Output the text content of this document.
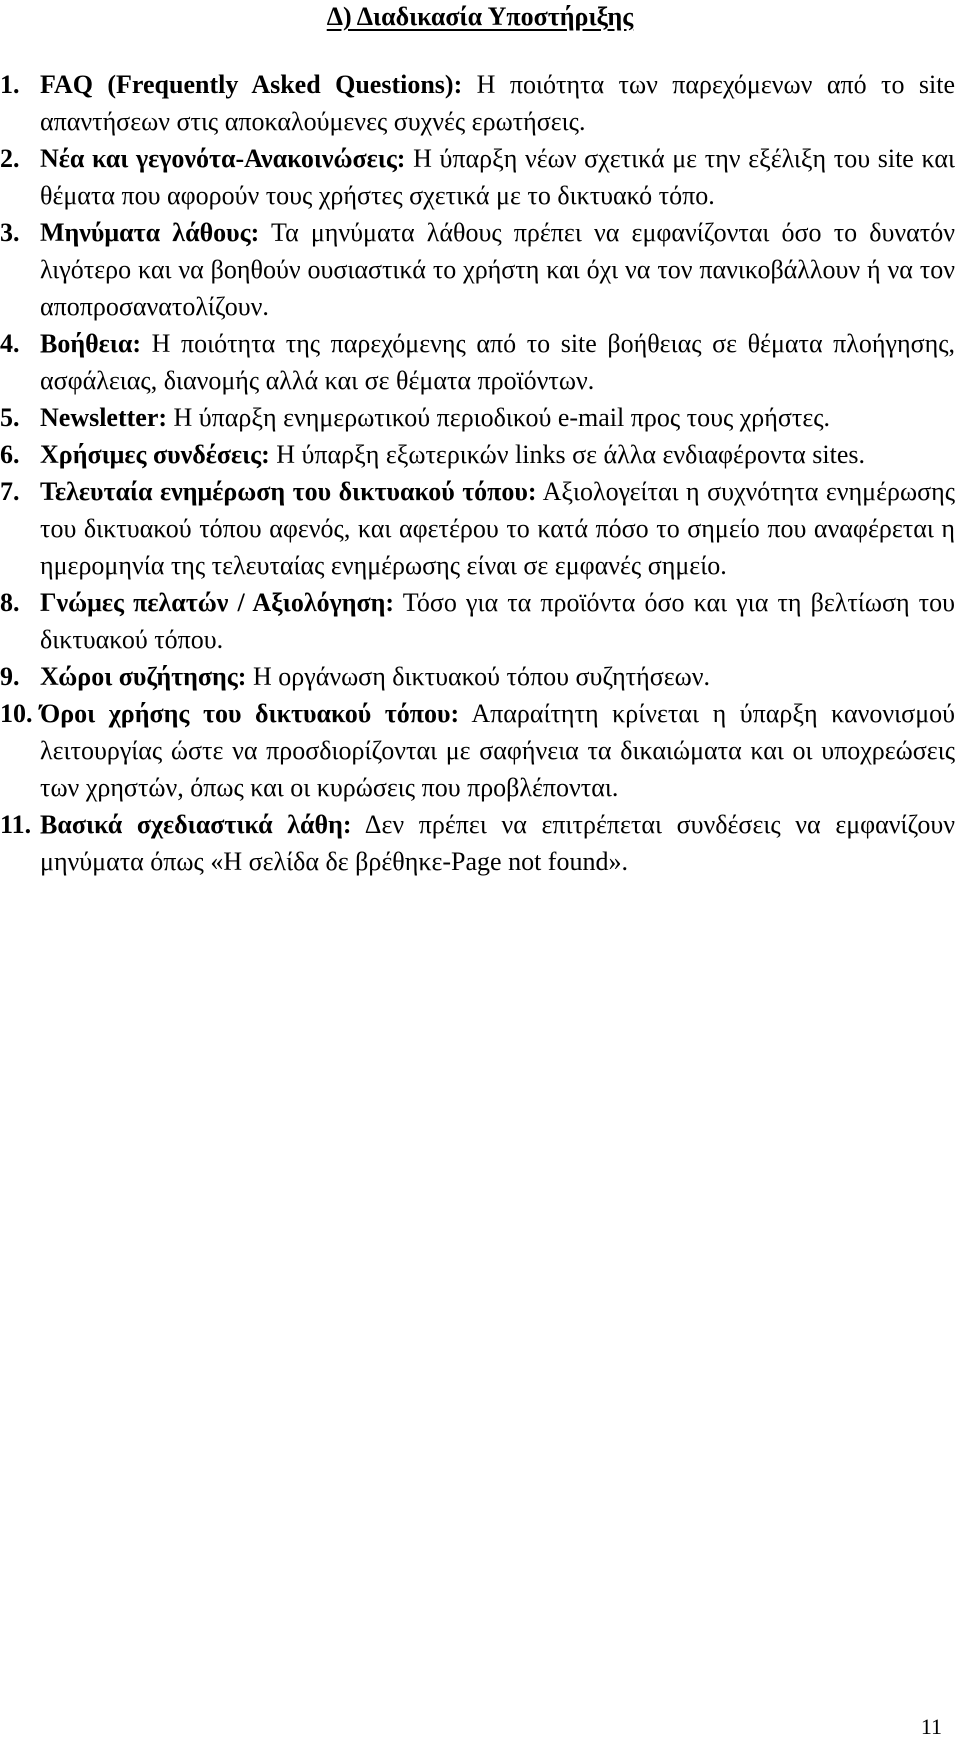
Δ) Διαδικασία Υποστήριξης
1. FAQ (Frequently Asked Questions): Η ποιότητα των παρεχόμενων από το site απαντήσεων στις αποκαλούμενες συχνές ερωτήσεις.
2. Νέα και γεγονότα-Ανακοινώσεις: Η ύπαρξη νέων σχετικά με την εξέλιξη του site και θέματα που αφορούν τους χρήστες σχετικά με το δικτυακό τόπο.
3. Μηνύματα λάθους: Τα μηνύματα λάθους πρέπει να εμφανίζονται όσο το δυνατόν λιγότερο και να βοηθούν ουσιαστικά το χρήστη και όχι να τον πανικοβάλλουν ή να τον αποπροσανατολίζουν.
4. Βοήθεια: Η ποιότητα της παρεχόμενης από το site βοήθειας σε θέματα πλοήγησης, ασφάλειας, διανομής αλλά και σε θέματα προϊόντων.
5. Newsletter: Η ύπαρξη ενημερωτικού περιοδικού e-mail προς τους χρήστες.
6. Χρήσιμες συνδέσεις: Η ύπαρξη εξωτερικών links σε άλλα ενδιαφέροντα sites.
7. Τελευταία ενημέρωση του δικτυακού τόπου: Αξιολογείται η συχνότητα ενημέρωσης του δικτυακού τόπου αφενός, και αφετέρου το κατά πόσο το σημείο που αναφέρεται η ημερομηνία της τελευταίας ενημέρωσης είναι σε εμφανές σημείο.
8. Γνώμες πελατών / Αξιολόγηση: Τόσο για τα προϊόντα όσο και για τη βελτίωση του δικτυακού τόπου.
9. Χώροι συζήτησης: Η οργάνωση δικτυακού τόπου συζητήσεων.
10. Όροι χρήσης του δικτυακού τόπου: Απαραίτητη κρίνεται η ύπαρξη κανονισμού λειτουργίας ώστε να προσδιορίζονται με σαφήνεια τα δικαιώματα και οι υποχρεώσεις των χρηστών, όπως και οι κυρώσεις που προβλέπονται.
11. Βασικά σχεδιαστικά λάθη: Δεν πρέπει να επιτρέπεται συνδέσεις να εμφανίζουν μηνύματα όπως «Η σελίδα δε βρέθηκε-Page not found».
11
